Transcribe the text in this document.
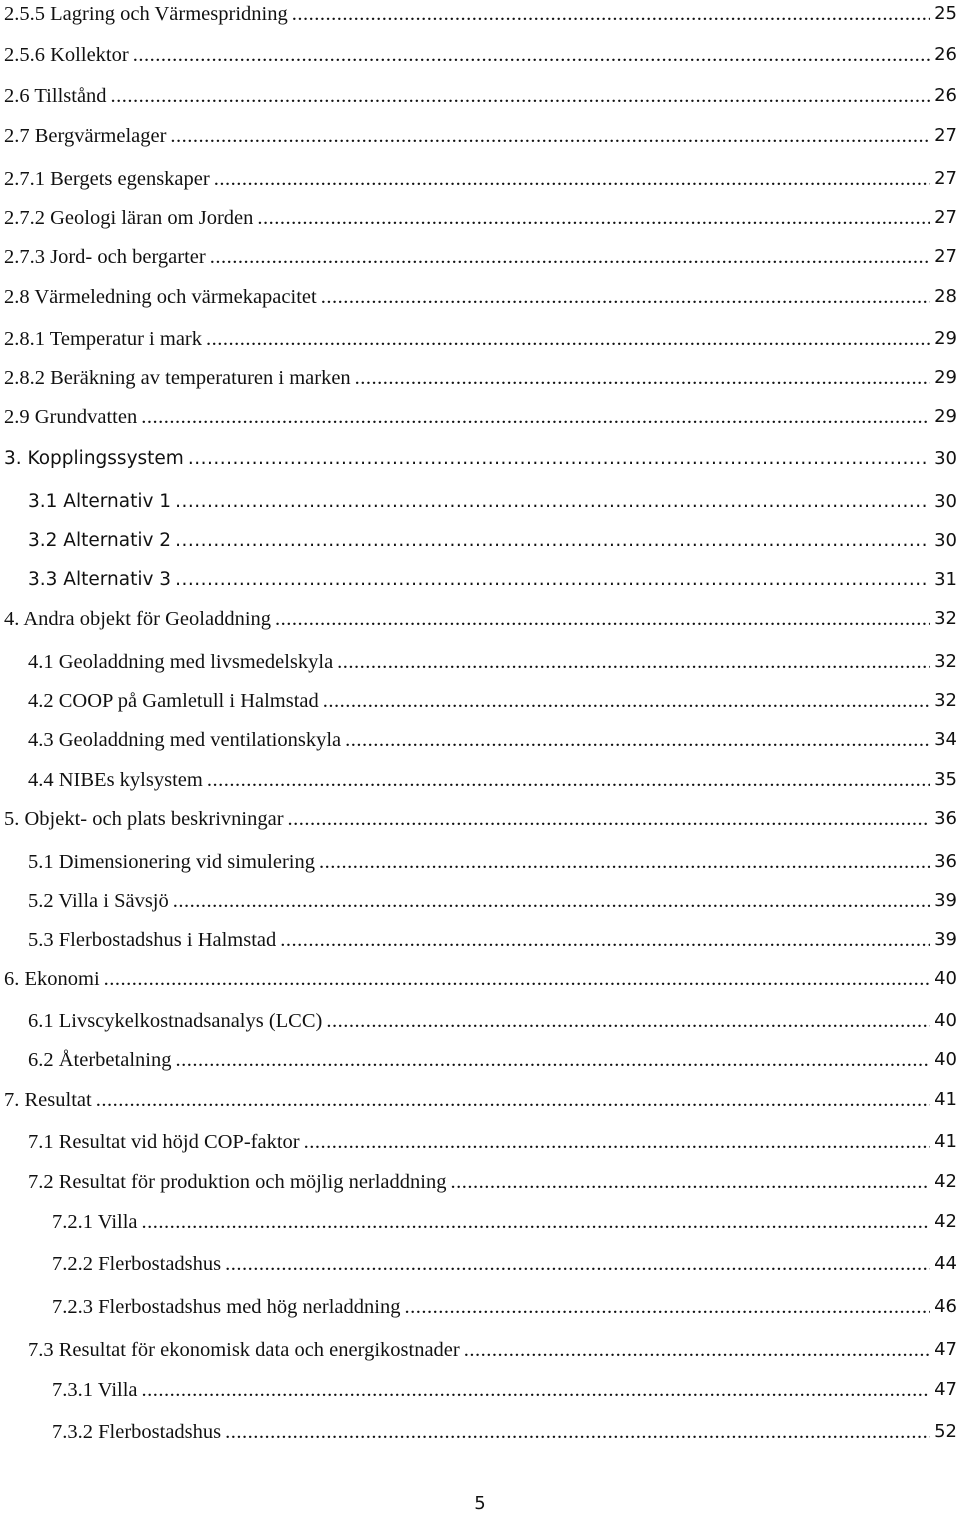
2.5.5 Lagring och Värmespridning .....	25
2.5.6 Kollektor .....	26
2.6 Tillstånd .....	26
2.7 Bergvärmelager .....	27
2.7.1 Bergets egenskaper .....	27
2.7.2 Geologi läran om Jorden .....	27
2.7.3 Jord- och bergarter .....	27
2.8 Värmeledning och värmekapacitet .....	28
2.8.1 Temperatur i mark .....	29
2.8.2 Beräkning av temperaturen i marken .....	29
2.9 Grundvatten .....	29
3. Kopplingssystem .....	30
3.1 Alternativ 1 .....	30
3.2 Alternativ 2 .....	30
3.3 Alternativ 3 .....	31
4. Andra objekt för Geoladdning .....	32
4.1 Geoladdning med livsmedelskyla .....	32
4.2 COOP på Gamletull i Halmstad .....	32
4.3 Geoladdning med ventilationskyla .....	34
4.4 NIBEs kylsystem .....	35
5. Objekt- och plats beskrivningar .....	36
5.1 Dimensionering vid simulering .....	36
5.2 Villa i Sävsjö .....	39
5.3 Flerbostadshus i Halmstad .....	39
6. Ekonomi .....	40
6.1 Livscykelkostnadsanalys (LCC) .....	40
6.2 Återbetalning .....	40
7. Resultat .....	41
7.1 Resultat vid höjd COP-faktor .....	41
7.2 Resultat för produktion och möjlig nerladdning .....	42
7.2.1 Villa .....	42
7.2.2 Flerbostadshus .....	44
7.2.3 Flerbostadshus med hög nerladdning .....	46
7.3 Resultat för ekonomisk data och energikostnader .....	47
7.3.1 Villa .....	47
7.3.2 Flerbostadshus .....	52
5
